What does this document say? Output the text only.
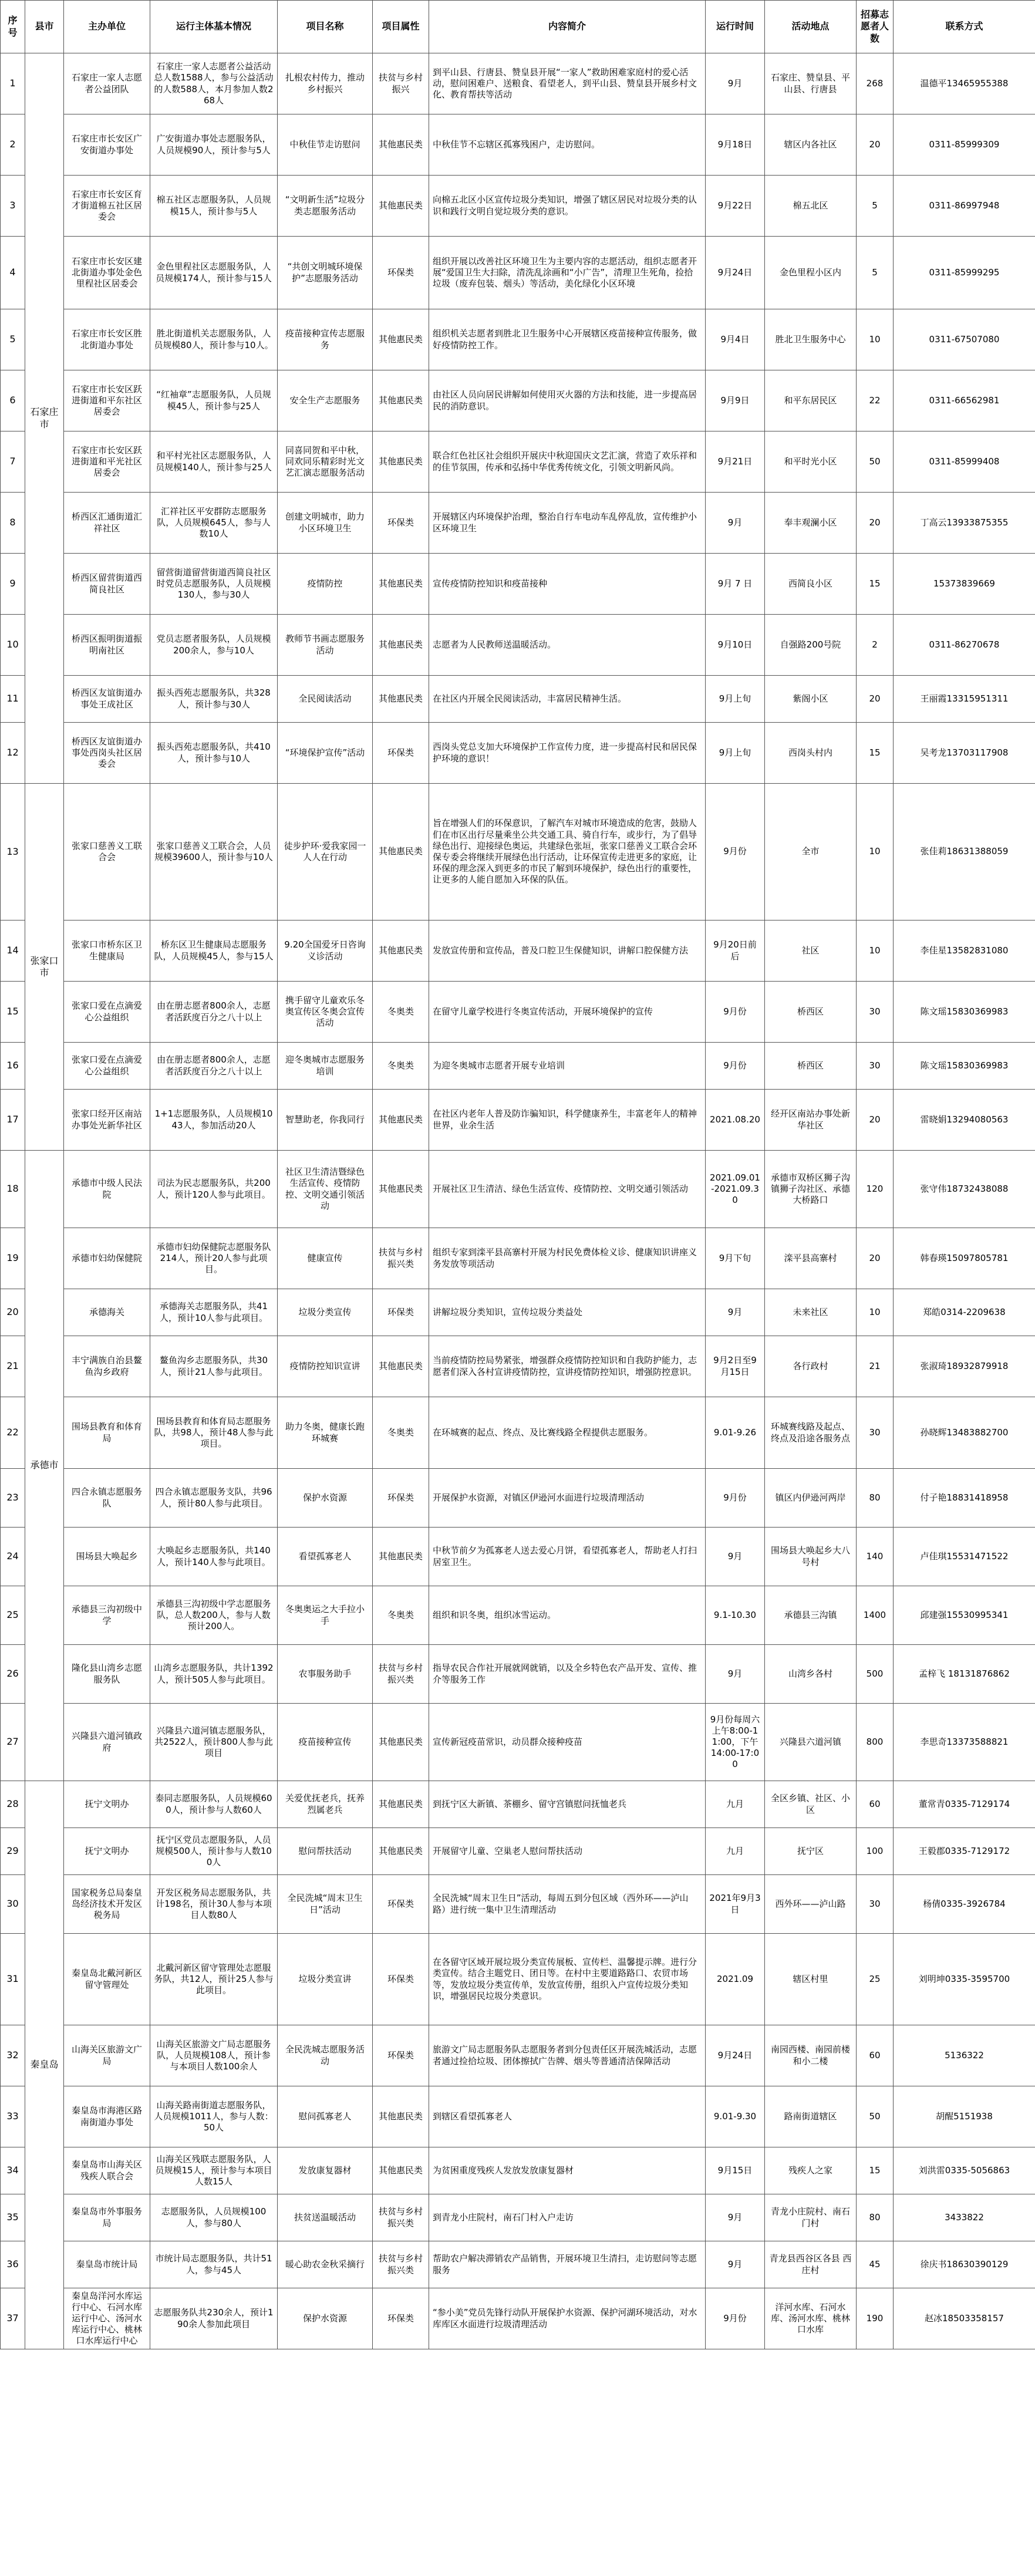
序号	县市	主办单位	运行主体基本情况	项目名称	项目属性	内容简介	运行时间	活动地点	招募志愿者人数	联系方式
1	石家庄市	石家庄一家人志愿者公益团队	石家庄一家人志愿者公益活动总人数1588人，参与公益活动的人数588人，本月参加人数268人	扎根农村传力，推动乡村振兴	扶贫与乡村振兴	到平山县、行唐县、赞皇县开展“一家人”救助困难家庭村的爱心活动，慰问困难户、送粮食、看望老人，到平山县、赞皇县开展乡村文化、教育帮扶等活动	9月	石家庄、赞皇县、平山县、行唐县	268	温德平13465955388
2		石家庄市长安区广安街道办事处	广安街道办事处志愿服务队，人员规模90人，预计参与5人	中秋佳节走访慰问	其他惠民类	中秋佳节不忘辖区孤寡残困户，走访慰问。	9月18日	辖区内各社区	20	0311-85999309
3		石家庄市长安区育才街道棉五社区居委会	棉五社区志愿服务队，人员规模15人，预计参与5人	“文明新生活”垃圾分类志愿服务活动	其他惠民类	向棉五北区小区宣传垃圾分类知识，增强了辖区居民对垃圾分类的认识和践行文明自觉垃圾分类的意识。	9月22日	棉五北区	5	0311-86997948
4		石家庄市长安区建北街道办事处金色里程社区居委会	金色里程社区志愿服务队，人员规模174人，预计参与15人	“共创文明城环境保护”志愿服务活动	环保类	组织开展以改善社区环境卫生为主要内容的志愿活动，组织志愿者开展“爱国卫生大扫除，清洗乱涂画和“小广告”，清理卫生死角，捡拾垃圾（废弃包装、烟头）等活动，美化绿化小区环境	9月24日	金色里程小区内	5	0311-85999295
5		石家庄市长安区胜北街道办事处	胜北街道机关志愿服务队，人员规模80人，预计参与10人。	疫苗接种宣传志愿服务	其他惠民类	组织机关志愿者到胜北卫生服务中心开展辖区疫苗接种宣传服务，做好疫情防控工作。	9月4日	胜北卫生服务中心	10	0311-67507080
6		石家庄市长安区跃进街道和平东社区居委会	“红袖章”志愿服务队，人员规模45人，预计参与25人	安全生产志愿服务	其他惠民类	由社区人员向居民讲解如何使用灭火器的方法和技能，进一步提高居民的消防意识。	9月9日	和平东居民区	22	0311-66562981
7		石家庄市长安区跃进街道和平光社区居委会	和平村光社区志愿服务队，人员规模140人，预计参与25人	同喜同贺和平中秋，同欢同乐精彩时光文艺汇演志愿服务活动	其他惠民类	联合红色社区社会组织开展庆中秋迎国庆文艺汇演，营造了欢乐祥和的佳节氛围，传承和弘扬中华优秀传统文化，引领文明新风尚。	9月21日	和平时光小区	50	0311-85999408
8		桥西区汇通街道汇祥社区	汇祥社区平安群防志愿服务队，人员规模645人，参与人数10人	创建文明城市，助力小区环境卫生	环保类	开展辖区内环境保护治理，整治自行车电动车乱停乱放，宣传维护小区环境卫生	9月	奉丰观澜小区	20	丁高云13933875355
9		桥西区留营街道西简良社区	留营街道留营街道西简良社区时党员志愿服务队，人员规模130人，参与30人	疫情防控	其他惠民类	宣传疫情防控知识和疫苗接种	9月 7 日	西简良小区	15	15373839669
10		桥西区振明街道振明南社区	党员志愿者服务队，人员规模200余人，参与10人	教师节书画志愿服务活动	其他惠民类	志愿者为人民教师送温暖活动。	9月10日	自强路200号院	2	0311-86270678
11		桥西区友谊街道办事处王成社区	振头西苑志愿服务队，共328人，预计参与30人	全民阅读活动	其他惠民类	在社区内开展全民阅读活动，丰富居民精神生活。	9月上旬	紫阁小区	20	王丽霞13315951311
12		桥西区友谊街道办事处西岗头社区居委会	振头西苑志愿服务队，共410人，预计参与10人	“环境保护宣传”活动	环保类	西岗头党总支加大环境保护工作宣传力度，进一步提高村民和居民保护环境的意识！	9月上旬	西岗头村内	15	吴考龙13703117908
13	张家口市	张家口慈善义工联合会	张家口慈善义工联合会，人员规模39600人，预计参与10人	徒步护环·爱我家园一人人在行动	其他惠民类	旨在增强人们的环保意识，了解汽车对城市环境造成的危害，鼓励人们在市区出行尽量乘坐公共交通工具、骑自行车，或步行，为了倡导绿色出行、迎接绿色奥运，共建绿色张垣，张家口慈善义工联合会环保专委会将继续开展绿色出行活动，让环保宣传走进更多的家庭，让环保的理念深入到更多的市民了解到环境保护，绿色出行的重要性，让更多的人能自愿加入环保的队伍。	9月份	全市	10	张佳莉18631388059
14		张家口市桥东区卫生健康局	桥东区卫生健康局志愿服务队，人员规模45人，参与15人	9.20全国爱牙日咨询义诊活动	其他惠民类	发放宣传册和宣传品，普及口腔卫生保健知识，讲解口腔保健方法	9月20日前后	社区	10	李佳星13582831080
15		张家口爱在点滴爱心公益组织	由在册志愿者800余人，志愿者活跃度百分之八十以上	携手留守儿童欢乐冬奥宣传区冬奥会宣传活动	冬奥类	在留守儿童学校进行冬奥宣传活动，开展环境保护的宣传	9月份	桥西区	30	陈文瑶15830369983
16		张家口爱在点滴爱心公益组织	由在册志愿者800余人，志愿者活跃度百分之八十以上	迎冬奥城市志愿服务培训	冬奥类	为迎冬奥城市志愿者开展专业培训	9月份	桥西区	30	陈文瑶15830369983
17		张家口经开区南站办事处光新华社区	1+1志愿服务队，人员规模1043人，参加活动20人	智慧助老，你我同行	其他惠民类	在社区内老年人普及防诈骗知识，科学健康养生，丰富老年人的精神世界，业余生活	2021.08.20	经开区南站办事处新华社区	20	雷晓娟13294080563
18	承德市	承德市中级人民法院	司法为民志愿服务队，共200人，预计120人参与此项目。	社区卫生清洁暨绿色生活宣传、疫情防控、文明交通引领活动	其他惠民类	开展社区卫生清洁、绿色生活宣传、疫情防控、文明交通引领活动	2021.09.01-2021.09.30	承德市双桥区狮子沟镇狮子沟社区、承德大桥路口	120	张守伟18732438088
19		承德市妇幼保健院	承德市妇幼保健院志愿服务队214人，预计20人参与此项目。	健康宣传	扶贫与乡村振兴类	组织专家到滦平县高寨村开展为村民免费体检义诊、健康知识讲座义务发放等项活动	9月下旬	滦平县高寨村	20	韩春瑛15097805781
20		承德海关	承德海关志愿服务队，共41人，预计10人参与此项目。	垃圾分类宣传	环保类	讲解垃圾分类知识，宣传垃圾分类益处	9月	未来社区	10	郑皓0314-2209638
21		丰宁满族自治县鳌鱼沟乡政府	鳌鱼沟乡志愿服务队，共30人，预计21人参与此项目。	疫情防控知识宣讲	其他惠民类	当前疫情防控局势紧张，增强群众疫情防控知识和自我防护能力，志愿者们深入各村宣讲疫情防控，宣讲疫情防控知识，增强防控意识。	9月2日至9月15日	各行政村	21	张淑琦18932879918
22		围场县教育和体育局	围场县教育和体育局志愿服务队，共98人，预计48人参与此项目。	助力冬奥，健康长跑环城赛	冬奥类	在环城赛的起点、终点、及比赛线路全程提供志愿服务。	9.01-9.26	环城赛线路及起点、终点及沿途各服务点	30	孙晓辉13483882700
23		四合永镇志愿服务队	四合永镇志愿服务支队，共96人，预计80人参与此项目。	保护水资源	环保类	开展保护水资源，对镇区伊逊河水面进行垃圾清理活动	9月份	镇区内伊逊河两岸	80	付子艳18831418958
24		围场县大唤起乡	大唤起乡志愿服务队，共140人，预计140人参与此项目。	看望孤寡老人	其他惠民类	中秋节前夕为孤寡老人送去爱心月饼，看望孤寡老人，帮助老人打扫居室卫生。	9月	围场县大唤起乡大八号村	140	卢佳琪15531471522
25		承德县三沟初级中学	承德县三沟初级中学志愿服务队，总人数200人，参与人数预计200人。	冬奥奥运之大手拉小手	冬奥类	组织和识冬奥，组织冰雪运动。	9.1-10.30	承德县三沟镇	1400	邱建强15530995341
26		隆化县山湾乡志愿服务队	山湾乡志愿服务队，共计1392人，预计505人参与此项目。	农事服务助手	扶贫与乡村振兴类	指导农民合作社开展就网就销，以及全乡特色农产品开发、宣传、推介等服务工作	9月	山湾乡各村	500	孟梓飞 18131876862
27		兴隆县六道河镇政府	兴隆县六道河镇志愿服务队，共2522人，预计800人参与此项目	疫苗接种宣传	其他惠民类	宣传新冠疫苗常识，动员群众接种疫苗	9月份每周六上午8:00-11:00，下午14:00-17:00	兴隆县六道河镇	800	李思奇13373588821
28	秦皇岛	抚宁文明办	泰同志愿服务队，人员规模600人，预计参与人数60人	关爱优抚老兵，抚养烈属老兵	其他惠民类	到抚宁区大新镇、茶棚乡、留守宫镇慰问抚恤老兵	九月	全区乡镇、社区、小区	60	董常青0335-7129174
29		抚宁文明办	抚宁区党员志愿服务队，人员规模500人，预计参与人数100人	慰问帮扶活动	其他惠民类	开展留守儿童、空巢老人慰问帮扶活动	九月	抚宁区	100	王毅郡0335-7129172
30		国家税务总局秦皇岛经济技术开发区税务局	开发区税务局志愿服务队，共计198名，预计30人参与本项目人数80人	全民洗城“周末卫生日”活动	环保类	全民洗城“周末卫生日”活动，每周五到分包区域（西外环——泸山路）进行统一集中卫生清理活动	2021年9月3日	西外环——泸山路	30	杨倩0335-3926784
31		秦皇岛北戴河新区留守管理处	北戴河新区留守管理处志愿服务队，共12人，预计25人参与此项目。	垃圾分类宣讲	环保类	在各留守区域开展垃圾分类宣传展板、宣传栏、温馨提示牌。进行分类宣传。结合主题党日、团日等。在村中主要道路路口、农贸市场等，发放垃圾分类宣传单，发放宣传册，组织入户宣传垃圾分类知识，增强居民垃圾分类意识。	2021.09	辖区村里	25	刘明坤0335-3595700
32		山海关区旅游文广局	山海关区旅游文广局志愿服务队，人员规模108人，预计参与本项目人数100余人	全民洗城志愿服务活动	环保类	旅游文广局志愿服务队志愿服务者到分包责任区开展洗城活动，志愿者通过捡拾垃圾、团体擦拭广告牌、烟头等普通清洁保障活动	9月24日	南园西楼、南园前楼和小二楼	60	5136322
33		秦皇岛市海港区路南街道办事处	山海关路南街道志愿服务队，人员规模1011人，参与人数：50人	慰问孤寡老人	其他惠民类	到辖区看望孤寡老人	9.01-9.30	路南街道辖区	50	胡醒5151938
34		秦皇岛市山海关区残疾人联合会	山海关区残联志愿服务队，人员规模15人，预计参与本项目人数15人	发放康复器材	其他惠民类	为贫困重度残疾人发放发放康复器材	9月15日	残疾人之家	15	刘洪雷0335-5056863
35		秦皇岛市外事服务局	志愿服务队，人员规模100人，参与80人	扶贫送温暖活动	扶贫与乡村振兴类	到青龙小庄院村，南石门村入户走访	9月	青龙小庄院村、南石门村	80	3433822
36		秦皇岛市统计局	市统计局志愿服务队，共计51人，参与45人	暖心助农金秋采摘行	扶贫与乡村振兴类	帮助农户解决滞销农产品销售，开展环境卫生清扫，走访慰问等志愿服务	9月	青龙县西谷区各县 西庄村	45	徐庆书18630390129
37		秦皇岛洋河水库运行中心、石河水库运行中心、汤河水库运行中心、桃林口水库运行中心	志愿服务队共230余人，预计190余人参加此项目	保护水资源	环保类	“参小美”党员先锋行动队开展保护水资源、保护河湖环境活动，对水库库区水面进行垃圾清理活动	9月份	洋河水库、石河水库、汤河水库、桃林口水库	190	赵冰18503358157
